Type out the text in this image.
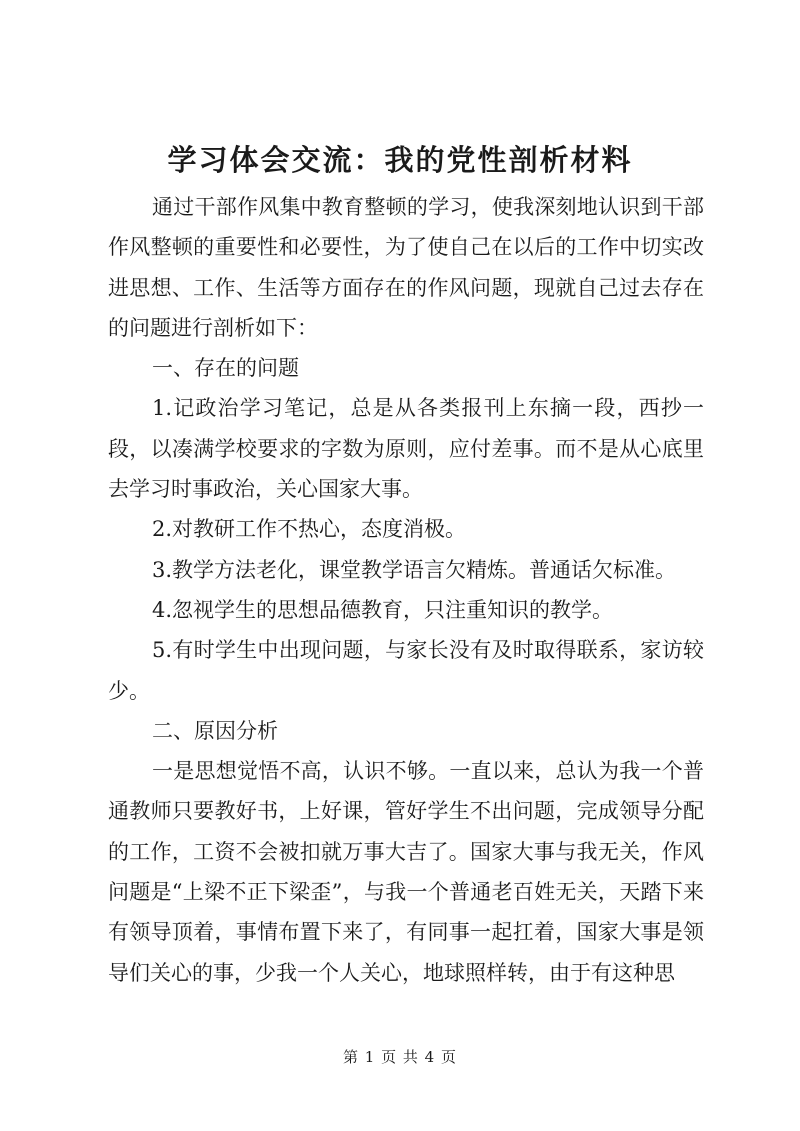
学习体会交流：我的党性剖析材料

通过干部作风集中教育整顿的学习，使我深刻地认识到干部作风整顿的重要性和必要性，为了使自己在以后的工作中切实改进思想、工作、生活等方面存在的作风问题，现就自己过去存在的问题进行剖析如下：

一、存在的问题

1.记政治学习笔记，总是从各类报刊上东摘一段，西抄一段，以凑满学校要求的字数为原则，应付差事。而不是从心底里去学习时事政治，关心国家大事。

2.对教研工作不热心，态度消极。

3.教学方法老化，课堂教学语言欠精炼。普通话欠标准。

4.忽视学生的思想品德教育，只注重知识的教学。

5.有时学生中出现问题，与家长没有及时取得联系，家访较少。

二、原因分析

一是思想觉悟不高，认识不够。一直以来，总认为我一个普通教师只要教好书，上好课，管好学生不出问题，完成领导分配的工作，工资不会被扣就万事大吉了。国家大事与我无关，作风问题是“上梁不正下梁歪”，与我一个普通老百姓无关，天踏下来有领导顶着，事情布置下来了，有同事一起扛着，国家大事是领导们关心的事，少我一个人关心，地球照样转，由于有这种思

第 1 页 共 4 页
